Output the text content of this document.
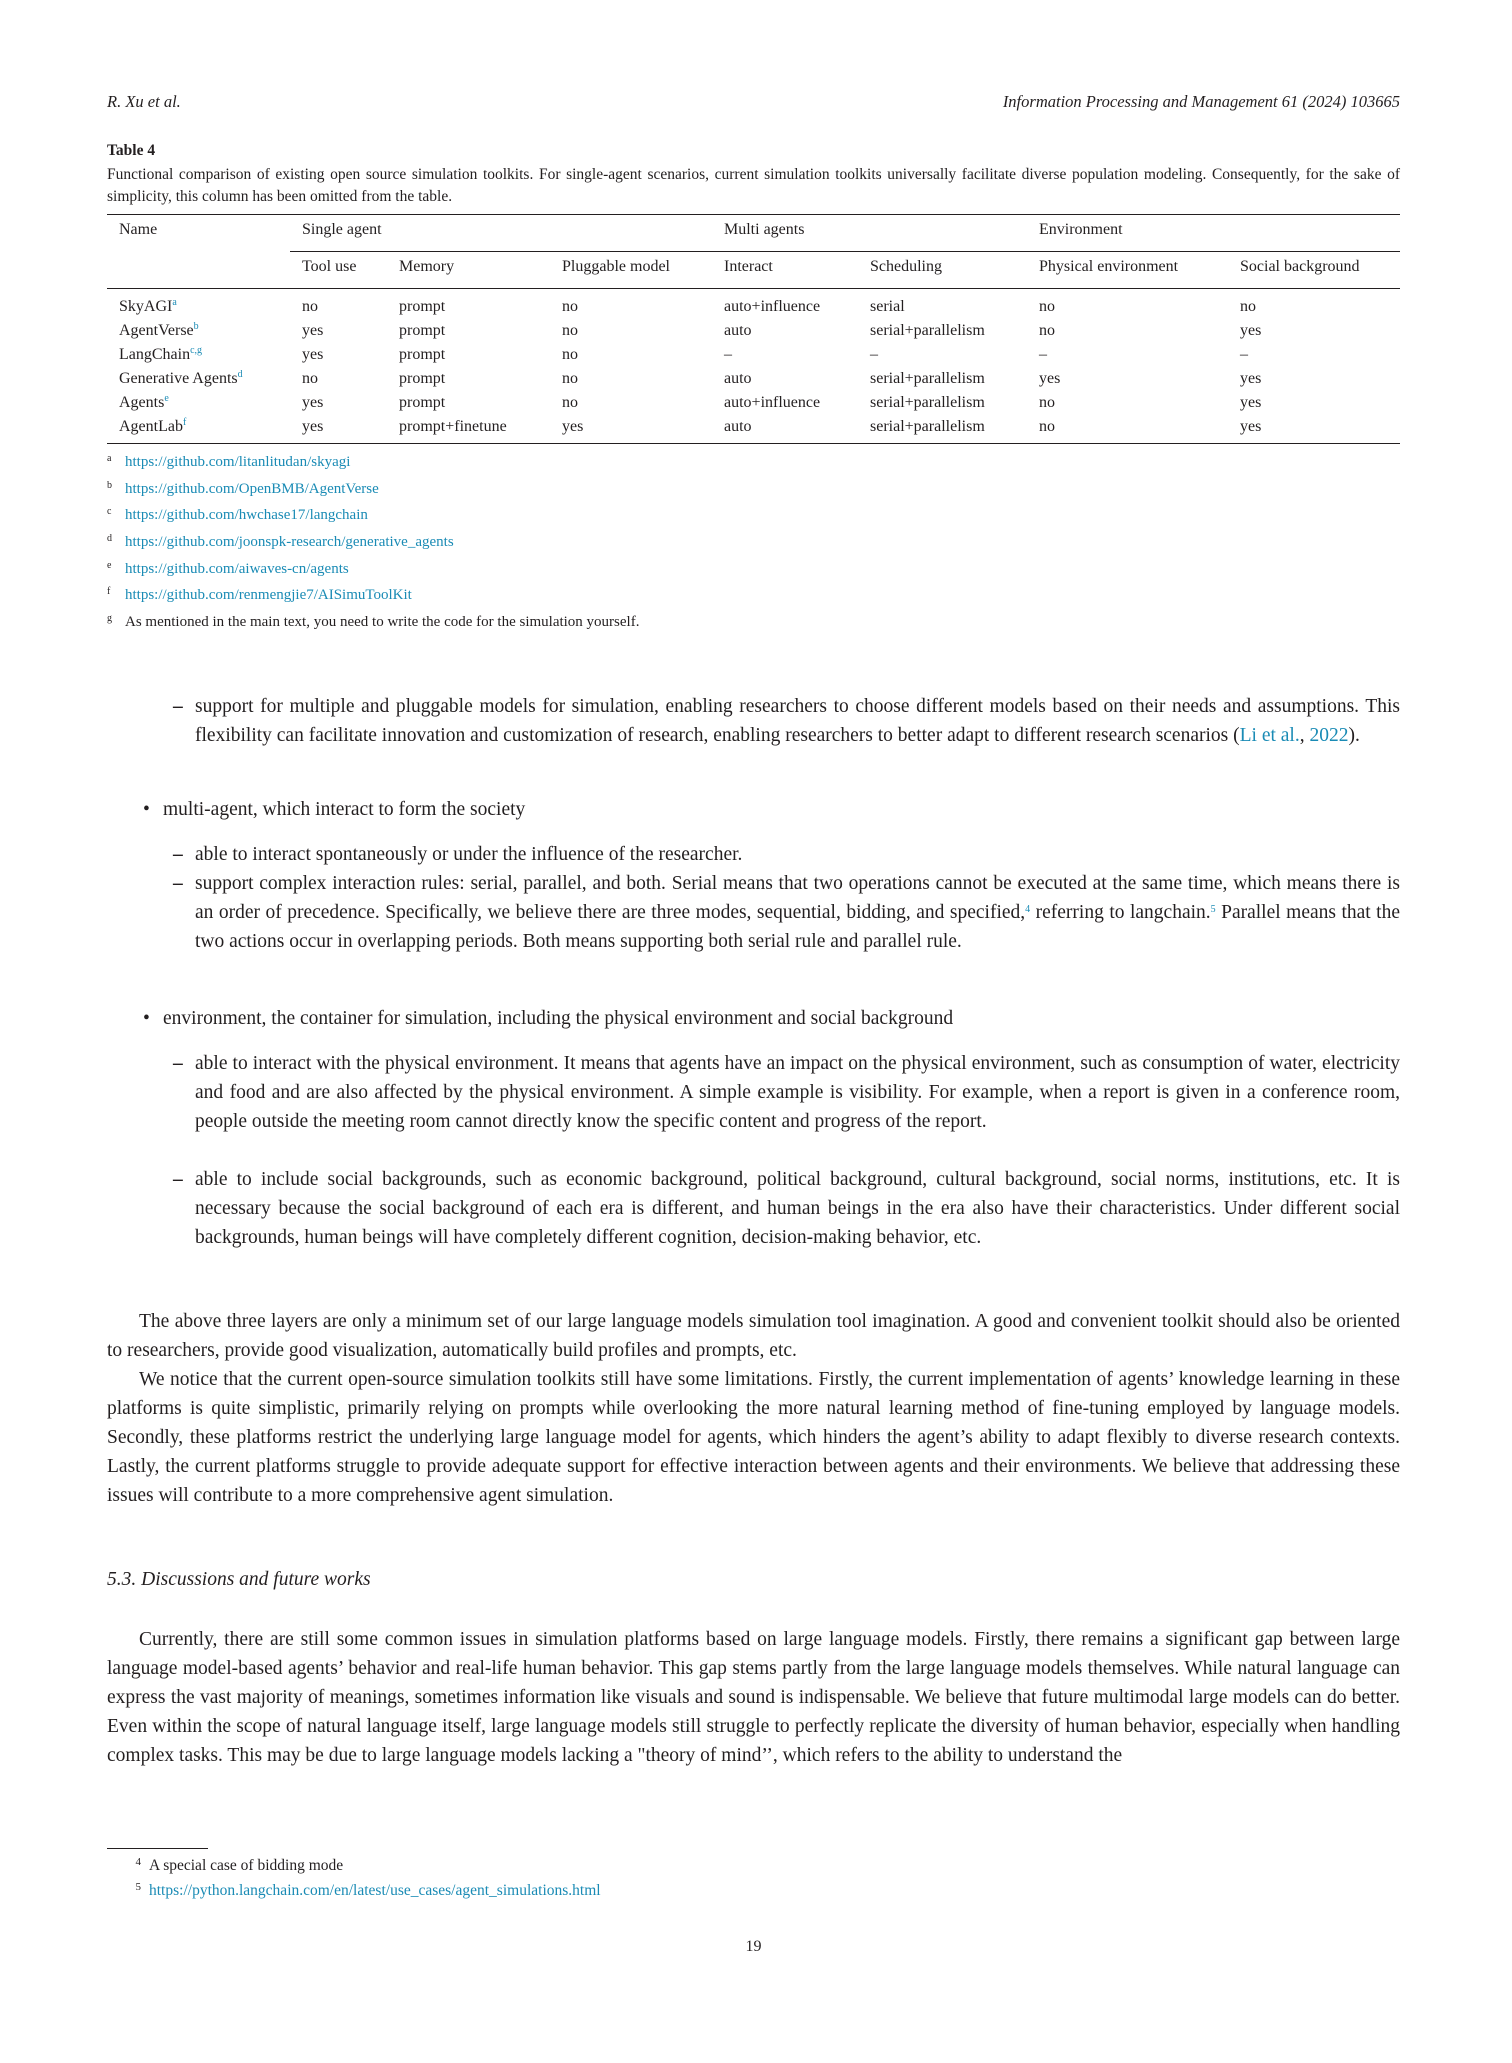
R. Xu et al.	Information Processing and Management 61 (2024) 103665
Table 4
Functional comparison of existing open source simulation toolkits. For single-agent scenarios, current simulation toolkits universally facilitate diverse population modeling. Consequently, for the sake of simplicity, this column has been omitted from the table.
Name	Single agent			Multi agents		Environment	
	Tool use	Memory	Pluggable model	Interact	Scheduling	Physical environment	Social background
SkyAGI$^a$	no	prompt	no	auto+influence	serial	no	no
AgentVerse$^b$	yes	prompt	no	auto	serial+parallelism	no	yes
LangChain$^{c,g}$	yes	prompt	no	–	–	–	–
Generative Agents$^d$	no	prompt	no	auto	serial+parallelism	yes	yes
Agents$^e$	yes	prompt	no	auto+influence	serial+parallelism	no	yes
AgentLab$^f$	yes	prompt+finetune	yes	auto	serial+parallelism	no	yes
a https://github.com/litanlitudan/skyagi
b https://github.com/OpenBMB/AgentVerse
c https://github.com/hwchase17/langchain
d https://github.com/joonspk-research/generative_agents
e https://github.com/aiwaves-cn/agents
f https://github.com/renmengjie7/AISimuToolKit
g As mentioned in the main text, you need to write the code for the simulation yourself.
– support for multiple and pluggable models for simulation, enabling researchers to choose different models based on their needs and assumptions. This flexibility can facilitate innovation and customization of research, enabling researchers to better adapt to different research scenarios (Li et al., 2022).
• multi-agent, which interact to form the society
– able to interact spontaneously or under the influence of the researcher.
– support complex interaction rules: serial, parallel, and both. Serial means that two operations cannot be executed at the same time, which means there is an order of precedence. Specifically, we believe there are three modes, sequential, bidding, and specified,$^4$ referring to langchain.$^5$ Parallel means that the two actions occur in overlapping periods. Both means supporting both serial rule and parallel rule.
• environment, the container for simulation, including the physical environment and social background
– able to interact with the physical environment. It means that agents have an impact on the physical environment, such as consumption of water, electricity and food and are also affected by the physical environment. A simple example is visibility. For example, when a report is given in a conference room, people outside the meeting room cannot directly know the specific content and progress of the report.
– able to include social backgrounds, such as economic background, political background, cultural background, social norms, institutions, etc. It is necessary because the social background of each era is different, and human beings in the era also have their characteristics. Under different social backgrounds, human beings will have completely different cognition, decision-making behavior, etc.
The above three layers are only a minimum set of our large language models simulation tool imagination. A good and convenient toolkit should also be oriented to researchers, provide good visualization, automatically build profiles and prompts, etc.
We notice that the current open-source simulation toolkits still have some limitations. Firstly, the current implementation of agents’ knowledge learning in these platforms is quite simplistic, primarily relying on prompts while overlooking the more natural learning method of fine-tuning employed by language models. Secondly, these platforms restrict the underlying large language model for agents, which hinders the agent’s ability to adapt flexibly to diverse research contexts. Lastly, the current platforms struggle to provide adequate support for effective interaction between agents and their environments. We believe that addressing these issues will contribute to a more comprehensive agent simulation.
5.3. Discussions and future works
Currently, there are still some common issues in simulation platforms based on large language models. Firstly, there remains a significant gap between large language model-based agents’ behavior and real-life human behavior. This gap stems partly from the large language models themselves. While natural language can express the vast majority of meanings, sometimes information like visuals and sound is indispensable. We believe that future multimodal large models can do better. Even within the scope of natural language itself, large language models still struggle to perfectly replicate the diversity of human behavior, especially when handling complex tasks. This may be due to large language models lacking a "theory of mind’’, which refers to the ability to understand the
4 A special case of bidding mode
5 https://python.langchain.com/en/latest/use_cases/agent_simulations.html
19
